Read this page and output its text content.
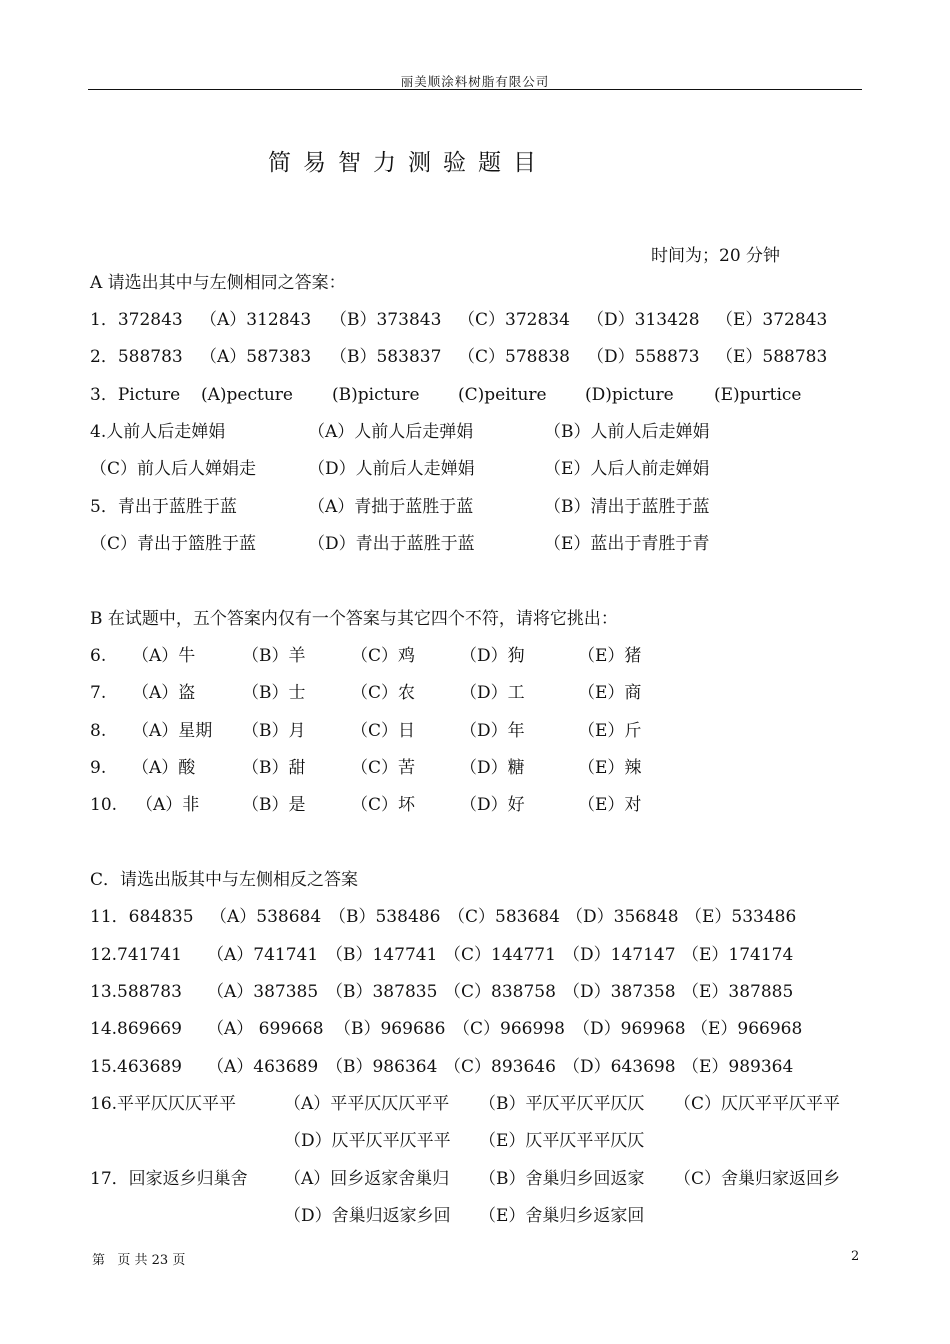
丽美顺涂料树脂有限公司
简易智力测验题目
时间为；20 分钟
A 请选出其中与左侧相同之答案：
1．372843 （A）312843 （B）373843 （C）372834 （D）313428 （E）372843
2．588783 （A）587383 （B）583837 （C）578838 （D）558873 （E）588783
3．Picture (A)pecture (B)picture (C)peiture (D)picture (E)purtice
4.人前人后走婵娟	（A）人前人后走弹娟	（B）人前人后走婵娟
（C）前人后人婵娟走	（D）人前后人走婵娟	（E）人后人前走婵娟
5．青出于蓝胜于蓝	（A）青拙于蓝胜于蓝	（B）清出于蓝胜于蓝
（C）青出于篮胜于蓝	（D）青出于蓝胜于蓝	（E）蓝出于青胜于青
B 在试题中，五个答案内仅有一个答案与其它四个不符，请将它挑出：
6. （A）牛	（B）羊	（C）鸡	（D）狗	（E）猪
7. （A）盗	（B）士	（C）农	（D）工	（E）商
8. （A）星期 （B）月	（C）日	（D）年	（E）斤
9. （A）酸	（B）甜	（C）苦	（D）糖	（E）辣
10. （A）非	（B）是	（C）坏	（D）好	（E）对
C．请选出版其中与左侧相反之答案
11．684835 （A）538684 （B）538486 （C）583684 （D）356848 （E）533486
12.741741 （A）741741 （B）147741 （C）144771 （D）147147 （E）174174
13.588783 （A）387385 （B）387835 （C）838758 （D）387358 （E）387885
14.869669 （A） 699668 （B）969686 （C）966998 （D）969968 （E）966968
15.463689 （A）463689 （B）986364 （C）893646 （D）643698 （E）989364
16.平平仄仄仄平平	（A）平平仄仄仄平平 （B）平仄平仄平仄仄 （C）仄仄平平仄平平
（D）仄平仄平仄平平 （E）仄平仄平平仄仄
17．回家返乡归巢舍 （A）回乡返家舍巢归 （B）舍巢归乡回返家 （C）舍巢归家返回乡
（D）舍巢归返家乡回 （E）舍巢归乡返家回
第   页 共 23 页	2
